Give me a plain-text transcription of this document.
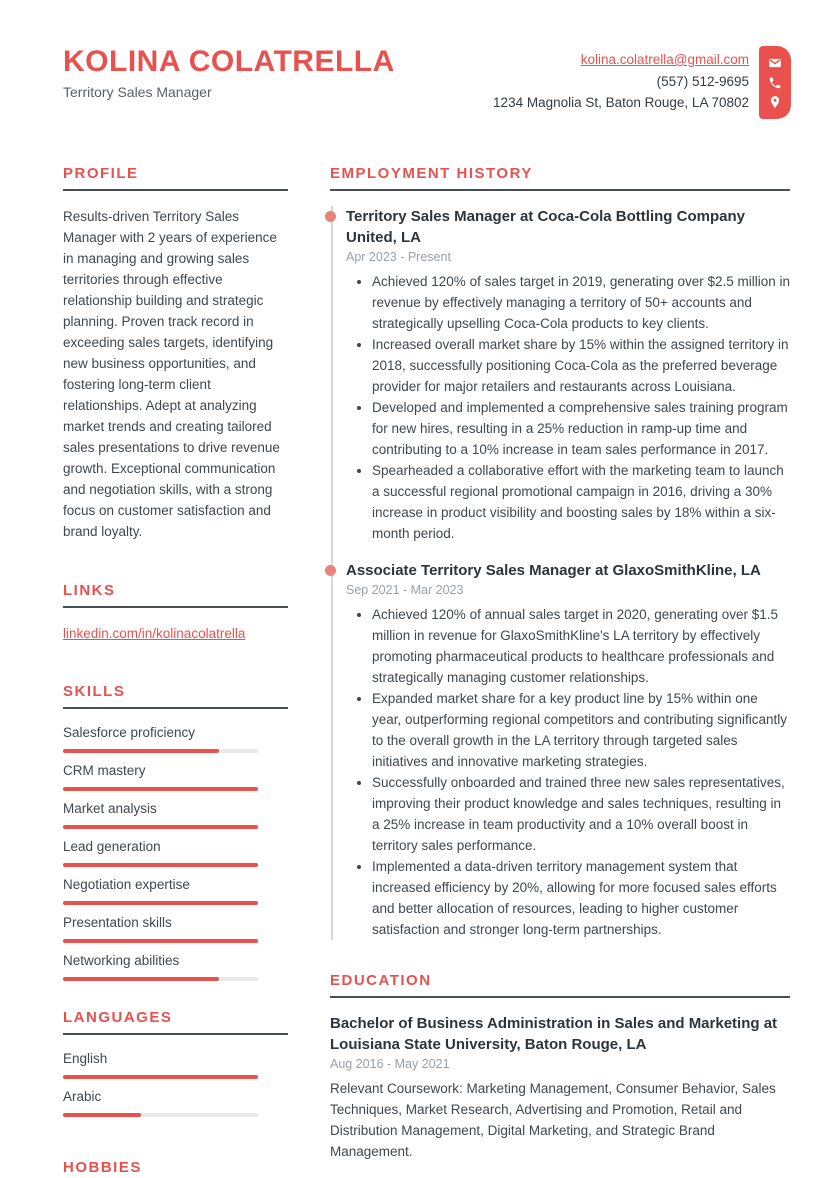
KOLINA COLATRELLA
Territory Sales Manager
kolina.colatrella@gmail.com
(557) 512-9695
1234 Magnolia St, Baton Rouge, LA 70802
PROFILE
Results-driven Territory Sales Manager with 2 years of experience in managing and growing sales territories through effective relationship building and strategic planning. Proven track record in exceeding sales targets, identifying new business opportunities, and fostering long-term client relationships. Adept at analyzing market trends and creating tailored sales presentations to drive revenue growth. Exceptional communication and negotiation skills, with a strong focus on customer satisfaction and brand loyalty.
LINKS
linkedin.com/in/kolinacolatrella
SKILLS
Salesforce proficiency
CRM mastery
Market analysis
Lead generation
Negotiation expertise
Presentation skills
Networking abilities
LANGUAGES
English
Arabic
HOBBIES
EMPLOYMENT HISTORY
Territory Sales Manager at Coca-Cola Bottling Company United, LA
Apr 2023 - Present
• Achieved 120% of sales target in 2019, generating over $2.5 million in revenue by effectively managing a territory of 50+ accounts and strategically upselling Coca-Cola products to key clients.
• Increased overall market share by 15% within the assigned territory in 2018, successfully positioning Coca-Cola as the preferred beverage provider for major retailers and restaurants across Louisiana.
• Developed and implemented a comprehensive sales training program for new hires, resulting in a 25% reduction in ramp-up time and contributing to a 10% increase in team sales performance in 2017.
• Spearheaded a collaborative effort with the marketing team to launch a successful regional promotional campaign in 2016, driving a 30% increase in product visibility and boosting sales by 18% within a six-month period.
Associate Territory Sales Manager at GlaxoSmithKline, LA
Sep 2021 - Mar 2023
• Achieved 120% of annual sales target in 2020, generating over $1.5 million in revenue for GlaxoSmithKline's LA territory by effectively promoting pharmaceutical products to healthcare professionals and strategically managing customer relationships.
• Expanded market share for a key product line by 15% within one year, outperforming regional competitors and contributing significantly to the overall growth in the LA territory through targeted sales initiatives and innovative marketing strategies.
• Successfully onboarded and trained three new sales representatives, improving their product knowledge and sales techniques, resulting in a 25% increase in team productivity and a 10% overall boost in territory sales performance.
• Implemented a data-driven territory management system that increased efficiency by 20%, allowing for more focused sales efforts and better allocation of resources, leading to higher customer satisfaction and stronger long-term partnerships.
EDUCATION
Bachelor of Business Administration in Sales and Marketing at Louisiana State University, Baton Rouge, LA
Aug 2016 - May 2021
Relevant Coursework: Marketing Management, Consumer Behavior, Sales Techniques, Market Research, Advertising and Promotion, Retail and Distribution Management, Digital Marketing, and Strategic Brand Management.
